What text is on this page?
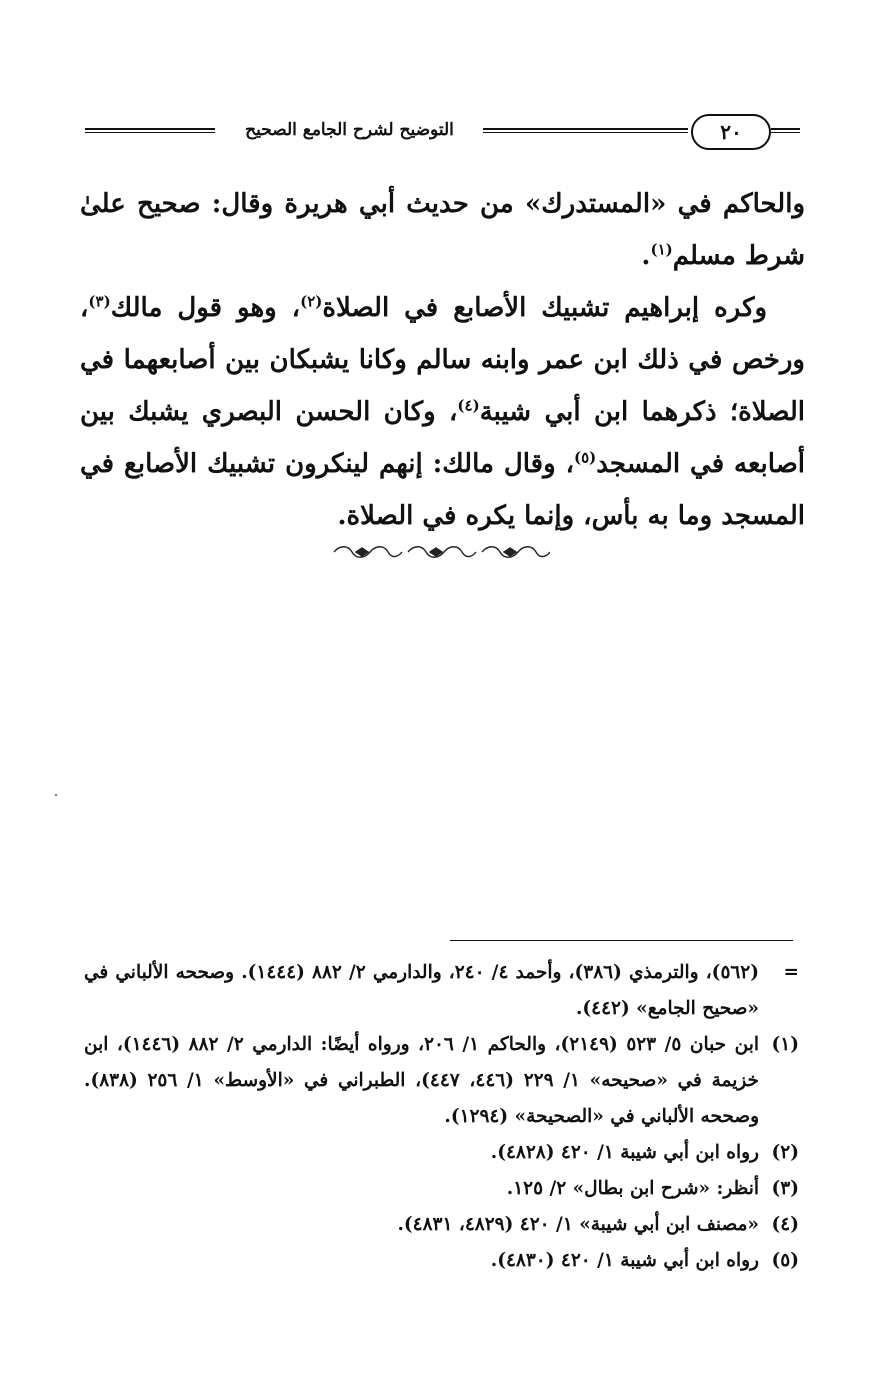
التوضيح لشرح الجامع الصحيح	٢٠

والحاكم في «المستدرك» من حديث أبي هريرة وقال: صحيح علىٰ شرط مسلم$^{(١)}$.

وكره إبراهيم تشبيك الأصابع في الصلاة$^{(٢)}$، وهو قول مالك$^{(٣)}$، ورخص في ذلك ابن عمر وابنه سالم وكانا يشبكان بين أصابعهما في الصلاة؛ ذكرهما ابن أبي شيبة$^{(٤)}$، وكان الحسن البصري يشبك بين أصابعه في المسجد$^{(٥)}$، وقال مالك: إنهم لينكرون تشبيك الأصابع في المسجد وما به بأس، وإنما يكره في الصلاة.

=
(٥٦٢)، والترمذي (٣٨٦)، وأحمد ٤/ ٢٤٠، والدارمي ٢/ ٨٨٢ (١٤٤٤). وصححه الألباني في «صحيح الجامع» (٤٤٢).
(١)
ابن حبان ٥/ ٥٢٣ (٢١٤٩)، والحاكم ١/ ٢٠٦، ورواه أيضًا: الدارمي ٢/ ٨٨٢ (١٤٤٦)، ابن خزيمة في «صحيحه» ١/ ٢٢٩ (٤٤٦، ٤٤٧)، الطبراني في «الأوسط» ١/ ٢٥٦ (٨٣٨). وصححه الألباني في «الصحيحة» (١٢٩٤).
(٢)
رواه ابن أبي شيبة ١/ ٤٢٠ (٤٨٢٨).
(٣)
أنظر: «شرح ابن بطال» ٢/ ١٢٥.
(٤)
«مصنف ابن أبي شيبة» ١/ ٤٢٠ (٤٨٢٩، ٤٨٣١).
(٥)
رواه ابن أبي شيبة ١/ ٤٢٠ (٤٨٣٠).
